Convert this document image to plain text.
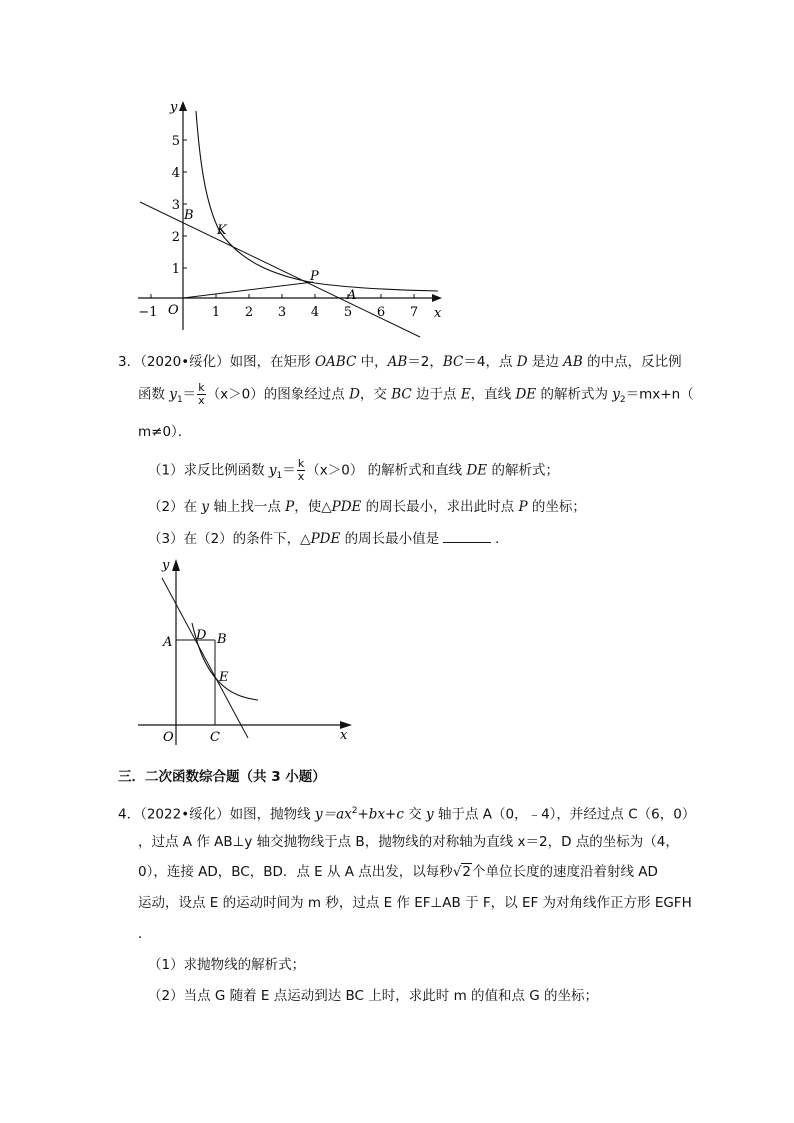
y
x
O
−1	1 2 3 4 5 6 7
1
2
3
4
5
B
K
P
A
3．（2020•绥化）如图，在矩形 OABC 中，AB＝2，BC＝4，点 D 是边 AB 的中点，反比例
函数 $y_1= \frac{k}{x} (x>0)$的图象经过点 D，交 BC 边于点 E，直线 DE 的解析式为 $y_2=mx+n$（
m≠0）．
（1）求反比例函数 $y_1= \frac{k}{x} (x>0)$ 的解析式和直线 DE 的解析式；
（2）在 y 轴上找一点 P，使△PDE 的周长最小，求出此时点 P 的坐标；
（3）在（2）的条件下，△PDE 的周长最小值是	．
y
x
O
A D B
E
C
三．二次函数综合题（共 3 小题）
4．（2022•绥化）如图，抛物线 $y=ax^2+bx+c$ 交 y 轴于点 A（0，﹣4），并经过点 C（6，0）
，过点 A 作 AB⊥y 轴交抛物线于点 B，抛物线的对称轴为直线 x＝2，D 点的坐标为（4，
0），连接 AD，BC，BD．点 E 从 A 点出发，以每秒√2个单位长度的速度沿着射线 AD
运动，设点 E 的运动时间为 m 秒，过点 E 作 EF⊥AB 于 F，以 EF 为对角线作正方形 EGFH
．
（1）求抛物线的解析式；
（2）当点 G 随着 E 点运动到达 BC 上时，求此时 m 的值和点 G 的坐标；
